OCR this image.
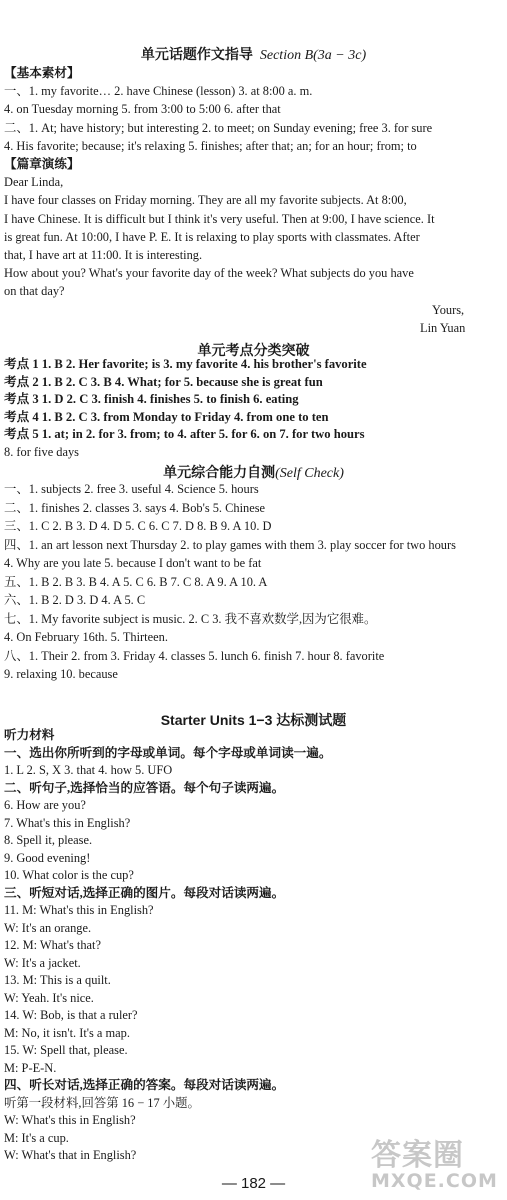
单元话题作文指导 Section B(3a − 3c)
【基本素材】
一、1. my favorite… 2. have Chinese (lesson) 3. at 8:00 a. m.
4. on Tuesday morning 5. from 3:00 to 5:00 6. after that
二、1. At; have history; but interesting 2. to meet; on Sunday evening; free 3. for sure
4. His favorite; because; it's relaxing 5. finishes; after that; an; for an hour; from; to
【篇章演练】
Dear Linda,
I have four classes on Friday morning. They are all my favorite subjects. At 8:00,
I have Chinese. It is difficult but I think it's very useful. Then at 9:00, I have science. It
is great fun. At 10:00, I have P. E. It is relaxing to play sports with classmates. After
that, I have art at 11:00. It is interesting.
How about you? What's your favorite day of the week? What subjects do you have
on that day?
Yours,
Lin Yuan
单元考点分类突破
考点 1 1. B 2. Her favorite; is 3. my favorite 4. his brother's favorite
考点 2 1. B 2. C 3. B 4. What; for 5. because she is great fun
考点 3 1. D 2. C 3. finish 4. finishes 5. to finish 6. eating
考点 4 1. B 2. C 3. from Monday to Friday 4. from one to ten
考点 5 1. at; in 2. for 3. from; to 4. after 5. for 6. on 7. for two hours
8. for five days
单元综合能力自测(Self Check)
一、1. subjects 2. free 3. useful 4. Science 5. hours
二、1. finishes 2. classes 3. says 4. Bob's 5. Chinese
三、1. C 2. B 3. D 4. D 5. C 6. C 7. D 8. B 9. A 10. D
四、1. an art lesson next Thursday 2. to play games with them 3. play soccer for two hours
4. Why are you late 5. because I don't want to be fat
五、1. B 2. B 3. B 4. A 5. C 6. B 7. C 8. A 9. A 10. A
六、1. B 2. D 3. D 4. A 5. C
七、1. My favorite subject is music. 2. C 3. 我不喜欢数学,因为它很难。
4. On February 16th. 5. Thirteen.
八、1. Their 2. from 3. Friday 4. classes 5. lunch 6. finish 7. hour 8. favorite
9. relaxing 10. because
Starter Units 1−3 达标测试题
听力材料
一、选出你所听到的字母或单词。每个字母或单词读一遍。
1. L 2. S, X 3. that 4. how 5. UFO
二、听句子,选择恰当的应答语。每个句子读两遍。
6. How are you?
7. What's this in English?
8. Spell it, please.
9. Good evening!
10. What color is the cup?
三、听短对话,选择正确的图片。每段对话读两遍。
11. M: What's this in English?
W: It's an orange.
12. M: What's that?
W: It's a jacket.
13. M: This is a quilt.
W: Yeah. It's nice.
14. W: Bob, is that a ruler?
M: No, it isn't. It's a map.
15. W: Spell that, please.
M: P-E-N.
四、听长对话,选择正确的答案。每段对话读两遍。
听第一段材料,回答第 16 − 17 小题。
W: What's this in English?
M: It's a cup.
W: What's that in English?
— 182 —
答案圈
MXQE.COM
